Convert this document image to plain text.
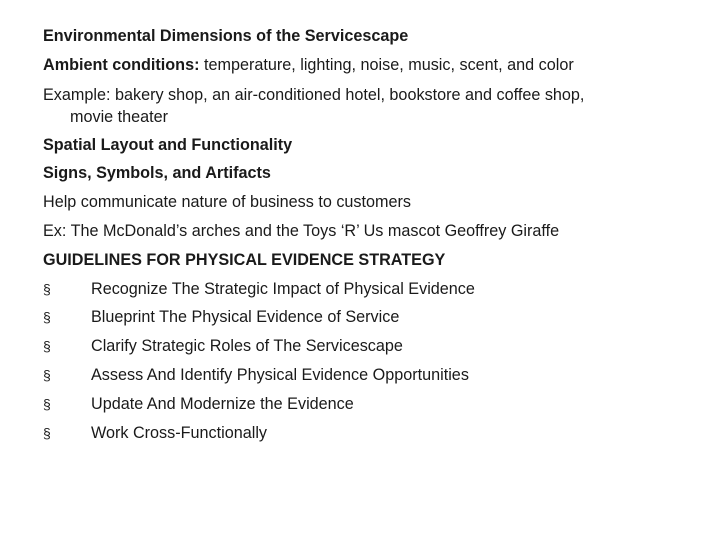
Environmental Dimensions of the Servicescape
Ambient conditions: temperature, lighting, noise, music, scent, and color
Example: bakery shop, an air-conditioned hotel, bookstore and coffee shop,
movie theater
Spatial Layout and Functionality
Signs, Symbols, and Artifacts
Help communicate nature of business to customers
Ex: The McDonald’s arches and the Toys ‘R’ Us mascot Geoffrey Giraffe
GUIDELINES FOR PHYSICAL EVIDENCE STRATEGY
§	Recognize The Strategic Impact of Physical Evidence
§	Blueprint The Physical Evidence of Service
§	Clarify Strategic Roles of The Servicescape
§	Assess And Identify Physical Evidence Opportunities
§	Update And Modernize the Evidence
§	Work Cross-Functionally
